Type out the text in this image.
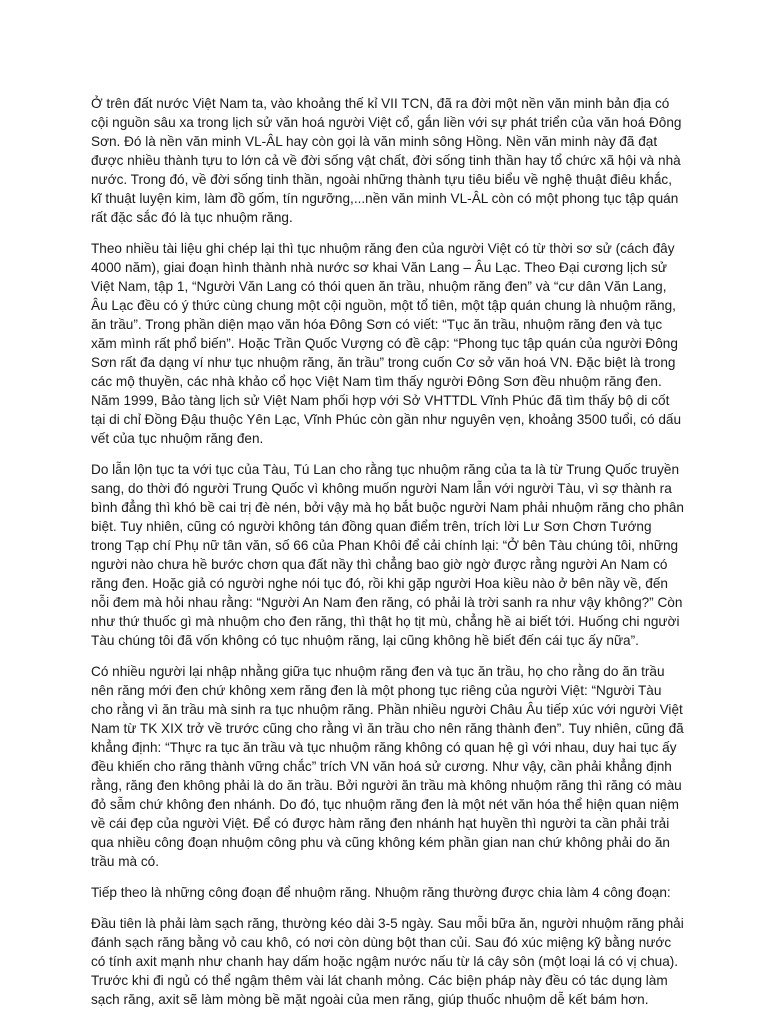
Ở trên đất nước Việt Nam ta, vào khoảng thế kỉ VII TCN, đã ra đời một nền văn minh bản địa có cội nguồn sâu xa trong lịch sử văn hoá người Việt cổ, gắn liền với sự phát triển của văn hoá Đông Sơn. Đó là nền văn minh VL-ÂL hay còn gọi là văn minh sông Hồng. Nền văn minh này đã đạt được nhiều thành tựu to lớn cả về đời sống vật chất, đời sống tinh thần hay tổ chức xã hội và nhà nước. Trong đó, về đời sống tinh thần, ngoài những thành tựu tiêu biểu về nghệ thuật điêu khắc, kĩ thuật luyện kim, làm đồ gốm, tín ngưỡng,...nền văn minh VL-ÂL còn có một phong tục tập quán rất đặc sắc đó là tục nhuộm răng.

Theo nhiều tài liệu ghi chép lại thì tục nhuộm răng đen của người Việt có từ thời sơ sử (cách đây 4000 năm), giai đoạn hình thành nhà nước sơ khai Văn Lang – Âu Lạc. Theo Đại cương lịch sử Việt Nam, tập 1, “Người Văn Lang có thói quen ăn trầu, nhuộm răng đen” và “cư dân Văn Lang, Âu Lạc đều có ý thức cùng chung một cội nguồn, một tổ tiên, một tập quán chung là nhuộm răng, ăn trầu”. Trong phần diện mạo văn hóa Đông Sơn có viết: “Tục ăn trầu, nhuộm răng đen và tục xăm mình rất phổ biến”. Hoặc Trần Quốc Vượng có đề cập: “Phong tục tập quán của người Đông Sơn rất đa dạng ví như tục nhuộm răng, ăn trầu” trong cuốn Cơ sở văn hoá VN. Đặc biệt là trong các mộ thuyền, các nhà khảo cổ học Việt Nam tìm thấy người Đông Sơn đều nhuộm răng đen. Năm 1999, Bảo tàng lịch sử Việt Nam phối hợp với Sở VHTTDL Vĩnh Phúc đã tìm thấy bộ di cốt tại di chỉ Đồng Đậu thuộc Yên Lạc, Vĩnh Phúc còn gần như nguyên vẹn, khoảng 3500 tuổi, có dấu vết của tục nhuộm răng đen.

Do lẫn lộn tục ta với tục của Tàu, Tú Lan cho rằng tục nhuộm răng của ta là từ Trung Quốc truyền sang, do thời đó người Trung Quốc vì không muốn người Nam lẫn với người Tàu, vì sợ thành ra bình đẳng thì khó bề cai trị đè nén, bởi vậy mà họ bắt buộc người Nam phải nhuộm răng cho phân biệt. Tuy nhiên, cũng có người không tán đồng quan điểm trên, trích lời Lư Sơn Chơn Tướng trong Tạp chí Phụ nữ tân văn, số 66 của Phan Khôi để cải chính lại: “Ở bên Tàu chúng tôi, những người nào chưa hề bước chơn qua đất nầy thì chẳng bao giờ ngờ được rằng người An Nam có răng đen. Hoặc giả có người nghe nói tục đó, rồi khi gặp người Hoa kiều nào ở bên nầy về, đến nỗi đem mà hỏi nhau rằng: “Người An Nam đen răng, có phải là trời sanh ra như vậy không?” Còn như thứ thuốc gì mà nhuộm cho đen răng, thì thật họ tịt mù, chẳng hề ai biết tới. Huống chi người Tàu chúng tôi đã vốn không có tục nhuộm răng, lại cũng không hề biết đến cái tục ấy nữa”.

Có nhiều người lại nhập nhằng giữa tục nhuộm răng đen và tục ăn trầu, họ cho rằng do ăn trầu nên răng mới đen chứ không xem răng đen là một phong tục riêng của người Việt: “Người Tàu cho rằng vì ăn trầu mà sinh ra tục nhuộm răng. Phần nhiều người Châu Âu tiếp xúc với người Việt Nam từ TK XIX trở về trước cũng cho rằng vì ăn trầu cho nên răng thành đen”. Tuy nhiên, cũng đã khẳng định: “Thực ra tục ăn trầu và tục nhuộm răng không có quan hệ gì với nhau, duy hai tục ấy đều khiến cho răng thành vững chắc” trích VN văn hoá sử cương. Như vậy, cần phải khẳng định rằng, răng đen không phải là do ăn trầu. Bởi người ăn trầu mà không nhuộm răng thì răng có màu đỏ sẫm chứ không đen nhánh. Do đó, tục nhuộm răng đen là một nét văn hóa thể hiện quan niệm về cái đẹp của người Việt. Để có được hàm răng đen nhánh hạt huyền thì người ta cần phải trải qua nhiều công đoạn nhuộm công phu và cũng không kém phần gian nan chứ không phải do ăn trầu mà có.

Tiếp theo là những công đoạn để nhuộm răng. Nhuộm răng thường được chia làm 4 công đoạn:

Đầu tiên là phải làm sạch răng, thường kéo dài 3-5 ngày. Sau mỗi bữa ăn, người nhuộm răng phải đánh sạch răng bằng vỏ cau khô, có nơi còn dùng bột than củi. Sau đó xúc miệng kỹ bằng nước có tính axit mạnh như chanh hay dấm hoặc ngậm nước nấu từ lá cây sôn (một loại lá có vị chua). Trước khi đi ngủ có thể ngậm thêm vài lát chanh mỏng. Các biện pháp này đều có tác dụng làm sạch răng, axit sẽ làm mòng bề mặt ngoài của men răng, giúp thuốc nhuộm dễ kết bám hơn.
